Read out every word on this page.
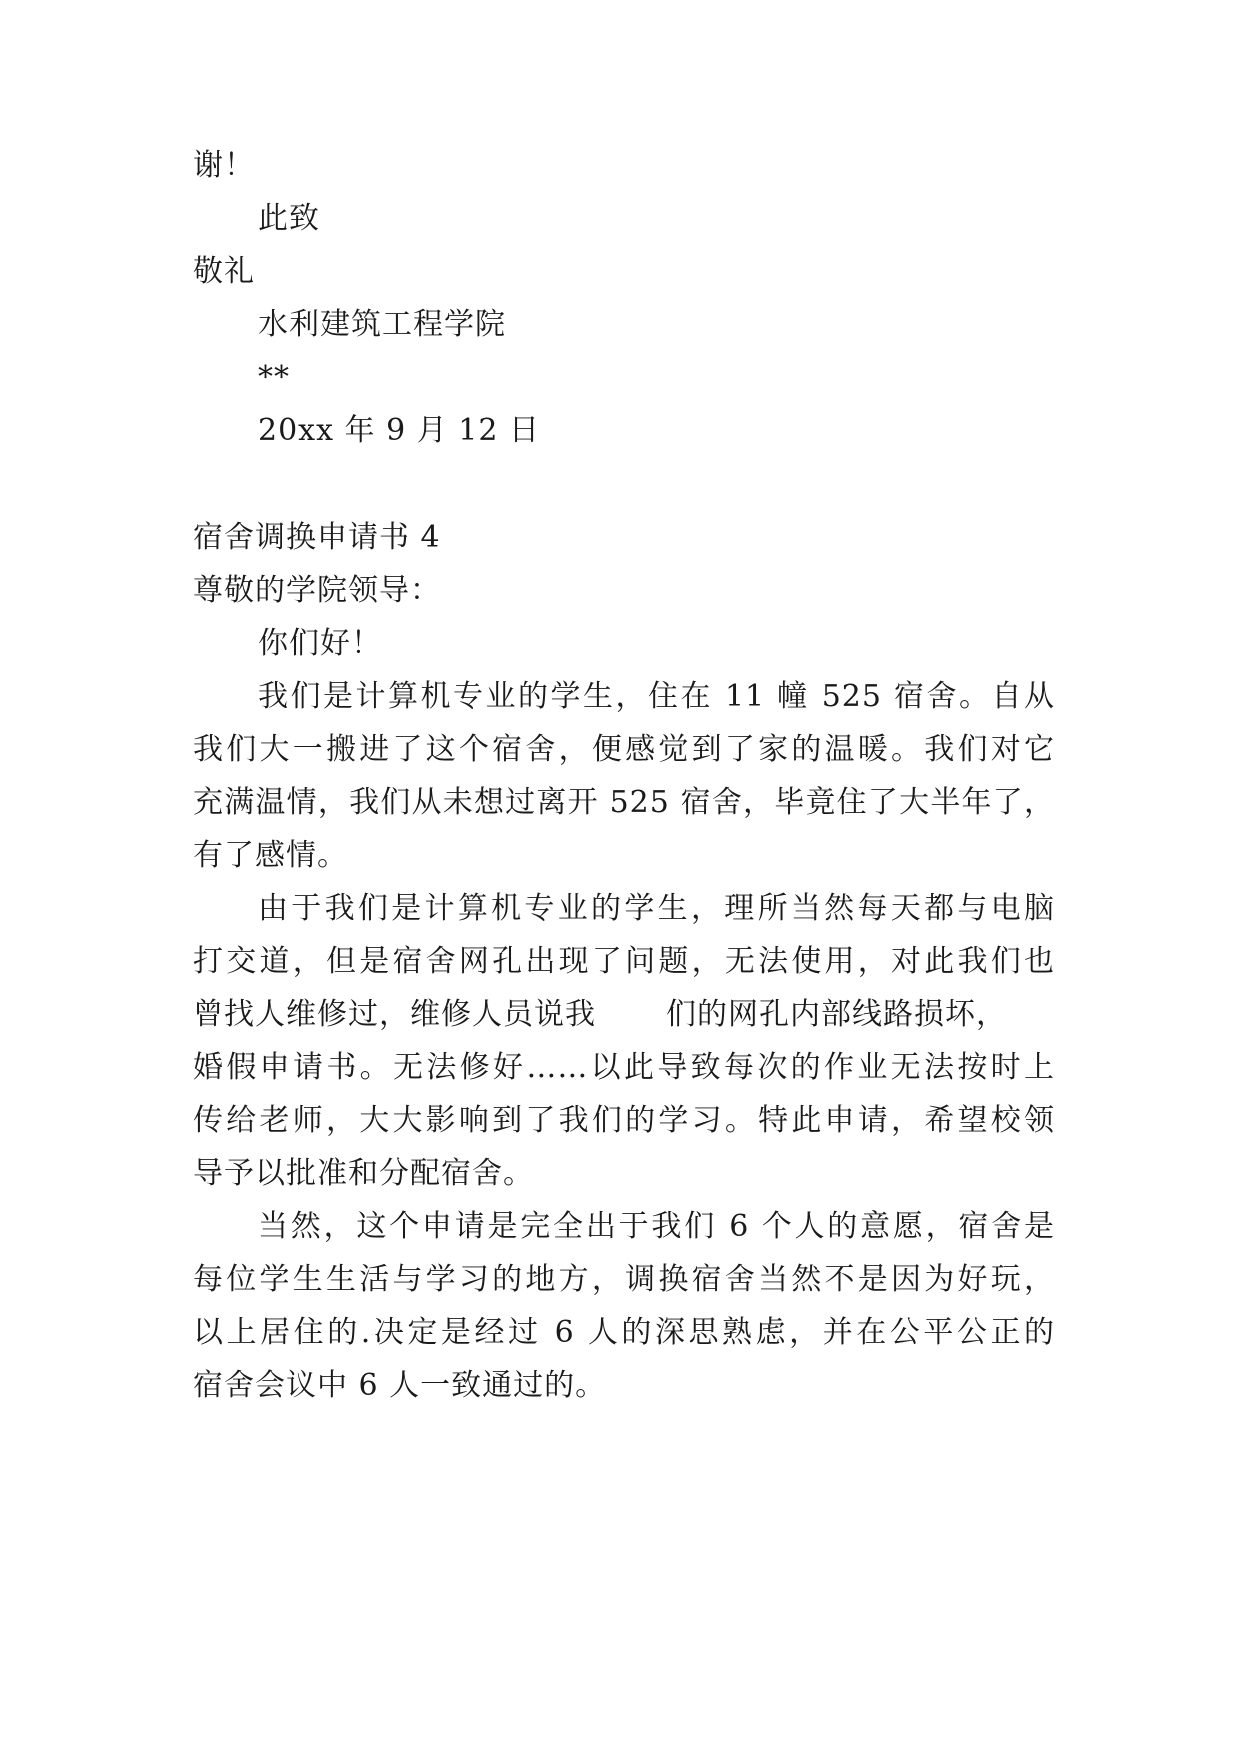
谢！
此致
敬礼
水利建筑工程学院
**
20xx 年 9 月 12 日
宿舍调换申请书 4
尊敬的学院领导：
你们好！
我们是计算机专业的学生，住在 11 幢 525 宿舍。自从
我们大一搬进了这个宿舍，便感觉到了家的温暖。我们对它
充满温情，我们从未想过离开 525 宿舍，毕竟住了大半年了，
有了感情。
由于我们是计算机专业的学生，理所当然每天都与电脑
打交道，但是宿舍网孔出现了问题，无法使用，对此我们也
曾找人维修过，维修人员说我 们的网孔内部线路损坏，
婚假申请书。无法修好……以此导致每次的作业无法按时上
传给老师，大大影响到了我们的学习。特此申请，希望校领
导予以批准和分配宿舍。
当然，这个申请是完全出于我们 6 个人的意愿，宿舍是
每位学生生活与学习的地方，调换宿舍当然不是因为好玩，
以上居住的.决定是经过 6 人的深思熟虑，并在公平公正的
宿舍会议中 6 人一致通过的。
